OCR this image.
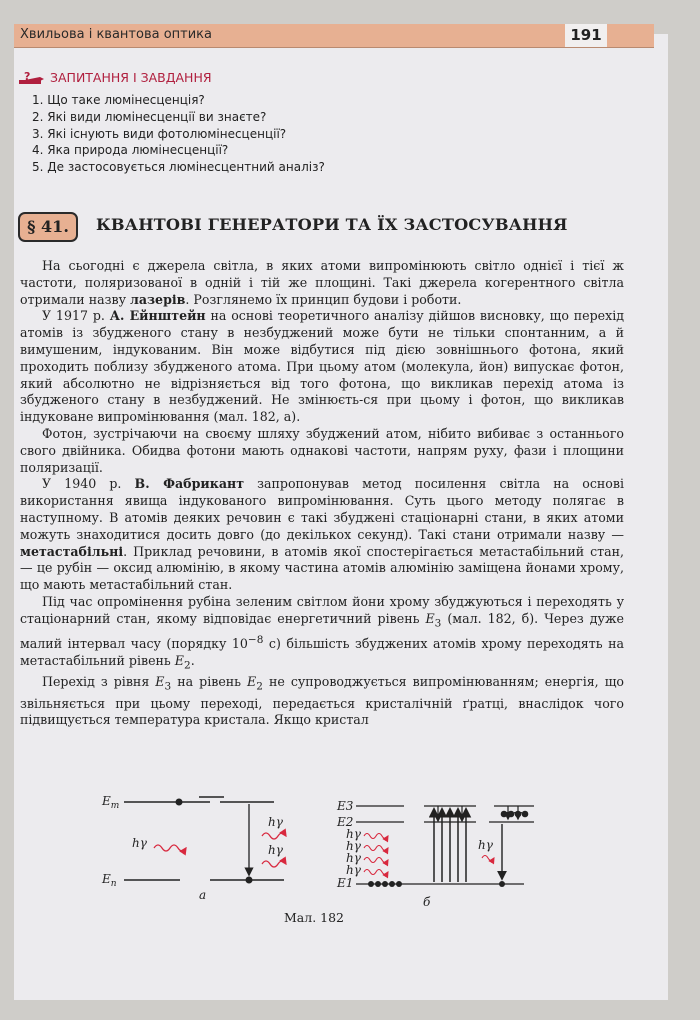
Хвильова і квантова оптика	191
? ЗАПИТАННЯ І ЗАВДАННЯ
1. Що таке люмінесценція?
2. Які види люмінесценції ви знаєте?
3. Які існують види фотолюмінесценції?
4. Яка природа люмінесценції?
5. Де застосовується люмінесцентний аналіз?
§ 41.	КВАНТОВІ ГЕНЕРАТОРИ ТА ЇХ ЗАСТОСУВАННЯ

На сьогодні є джерела світла, в яких атоми випромінюють світло однієї і тієї ж частоти, поляризованої в одній і тій же площині. Такі джерела когерентного світла отримали назву лазерів. Розглянемо їх принцип будови і роботи.

У 1917 р. А. Ейнштейн на основі теоретичного аналізу дійшов висновку, що перехід атомів із збудженого стану в незбуджений може бути не тільки спонтанним, а й вимушеним, індукованим. Він може відбутися під дією зовнішнього фотона, який проходить поблизу збудженого атома. При цьому атом (молекула, йон) випускає фотон, який абсолютно не відрізняється від того фотона, що викликав перехід атома із збудженого стану в незбуджений. Не змінюєть-ся при цьому і фотон, що викликав індуковане випромінювання (мал. 182, а).

Фотон, зустрічаючи на своєму шляху збуджений атом, нібито вибиває з останнього свого двійника. Обидва фотони мають однакові частоти, напрям руху, фази і площини поляризації.

У 1940 р. В. Фабрикант запропонував метод посилення світла на основі використання явища індукованого випромінювання. Суть цього методу полягає в наступному. В атомів деяких речовин є такі збуджені стаціонарні стани, в яких атоми можуть знаходитися досить довго (до декількох секунд). Такі стани отримали назву — метастабільні. Приклад речовини, в атомів якої спостерігається метастабільний стан, — це рубін — оксид алюмінію, в якому частина атомів алюмінію заміщена йонами хрому, що мають метастабільний стан.

Під час опромінення рубіна зеленим світлом йони хрому збуджуються і переходять у стаціонарний стан, якому відповідає енергетичний рівень $E_3$ (мал. 182, б). Через дуже малий інтервал часу (порядку $10^{-8}$ с) більшість збуджених атомів хрому переходять на метастабільний рівень $E_2$.

Перехід з рівня $E_3$ на рівень $E_2$ не супроводжується випромінюванням; енергія, що звільняється при цьому переході, передається кристалічній ґратці, внаслідок чого підвищується температура кристала. Якщо кристал

$E_m$
$E_n$
hγ
hγ
hγ
а
E3
E2
E1
hγ
hγ
hγ
hγ
hγ
б
Мал. 182
